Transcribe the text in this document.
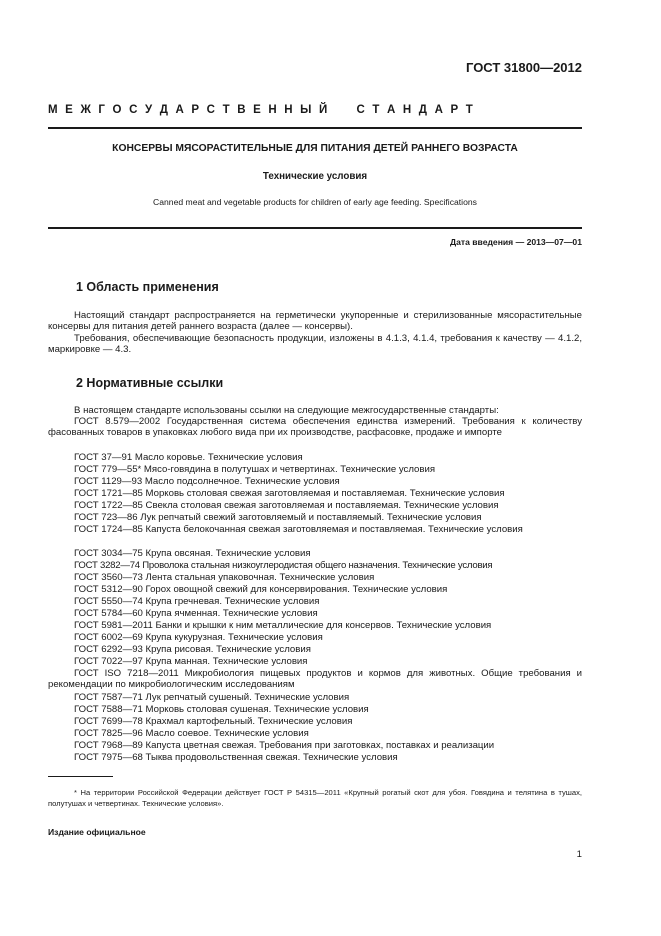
ГОСТ 31800—2012
М Е Ж Г О С У Д А Р С Т В Е Н Н Ы Й     С Т А Н Д А Р Т
КОНСЕРВЫ МЯСОРАСТИТЕЛЬНЫЕ ДЛЯ ПИТАНИЯ ДЕТЕЙ РАННЕГО ВОЗРАСТА
Технические условия
Canned meat and vegetable products for children of early age feeding. Specifications
Дата введения — 2013—07—01
1 Область применения
Настоящий стандарт распространяется на герметически укупоренные и стерилизованные мясорастительные консервы для питания детей раннего возраста (далее — консервы).
Требования, обеспечивающие безопасность продукции, изложены в 4.1.3, 4.1.4, требования к качеству — 4.1.2, маркировке — 4.3.
2 Нормативные ссылки
В настоящем стандарте использованы ссылки на следующие межгосударственные стандарты:
ГОСТ 8.579—2002 Государственная система обеспечения единства измерений. Требования к количеству фасованных товаров в упаковках любого вида при их производстве, расфасовке, продаже и импорте
ГОСТ 37—91 Масло коровье. Технические условия
ГОСТ 779—55* Мясо-говядина в полутушах и четвертинах. Технические условия
ГОСТ 1129—93 Масло подсолнечное. Технические условия
ГОСТ 1721—85 Морковь столовая свежая заготовляемая и поставляемая. Технические условия
ГОСТ 1722—85 Свекла столовая свежая заготовляемая и поставляемая. Технические условия
ГОСТ 723—86 Лук репчатый свежий заготовляемый и поставляемый. Технические условия
ГОСТ 1724—85 Капуста белокочанная свежая заготовляемая и поставляемая. Технические условия
ГОСТ 3034—75 Крупа овсяная. Технические условия
ГОСТ 3282—74 Проволока стальная низкоуглеродистая общего назначения. Технические условия
ГОСТ 3560—73 Лента стальная упаковочная. Технические условия
ГОСТ 5312—90 Горох овощной свежий для консервирования. Технические условия
ГОСТ 5550—74 Крупа гречневая. Технические условия
ГОСТ 5784—60 Крупа ячменная. Технические условия
ГОСТ 5981—2011 Банки и крышки к ним металлические для консервов. Технические условия
ГОСТ 6002—69 Крупа кукурузная. Технические условия
ГОСТ 6292—93 Крупа рисовая. Технические условия
ГОСТ 7022—97 Крупа манная. Технические условия
ГОСТ ISO 7218—2011 Микробиология пищевых продуктов и кормов для животных. Общие требования и рекомендации по микробиологическим исследованиям
ГОСТ 7587—71 Лук репчатый сушеный. Технические условия
ГОСТ 7588—71 Морковь столовая сушеная. Технические условия
ГОСТ 7699—78 Крахмал картофельный. Технические условия
ГОСТ 7825—96 Масло соевое. Технические условия
ГОСТ 7968—89 Капуста цветная свежая. Требования при заготовках, поставках и реализации
ГОСТ 7975—68 Тыква продовольственная свежая. Технические условия
* На территории Российской Федерации действует ГОСТ Р 54315—2011 «Крупный рогатый скот для убоя. Говядина и телятина в тушах, полутушах и четвертинах. Технические условия».
Издание официальное
1
